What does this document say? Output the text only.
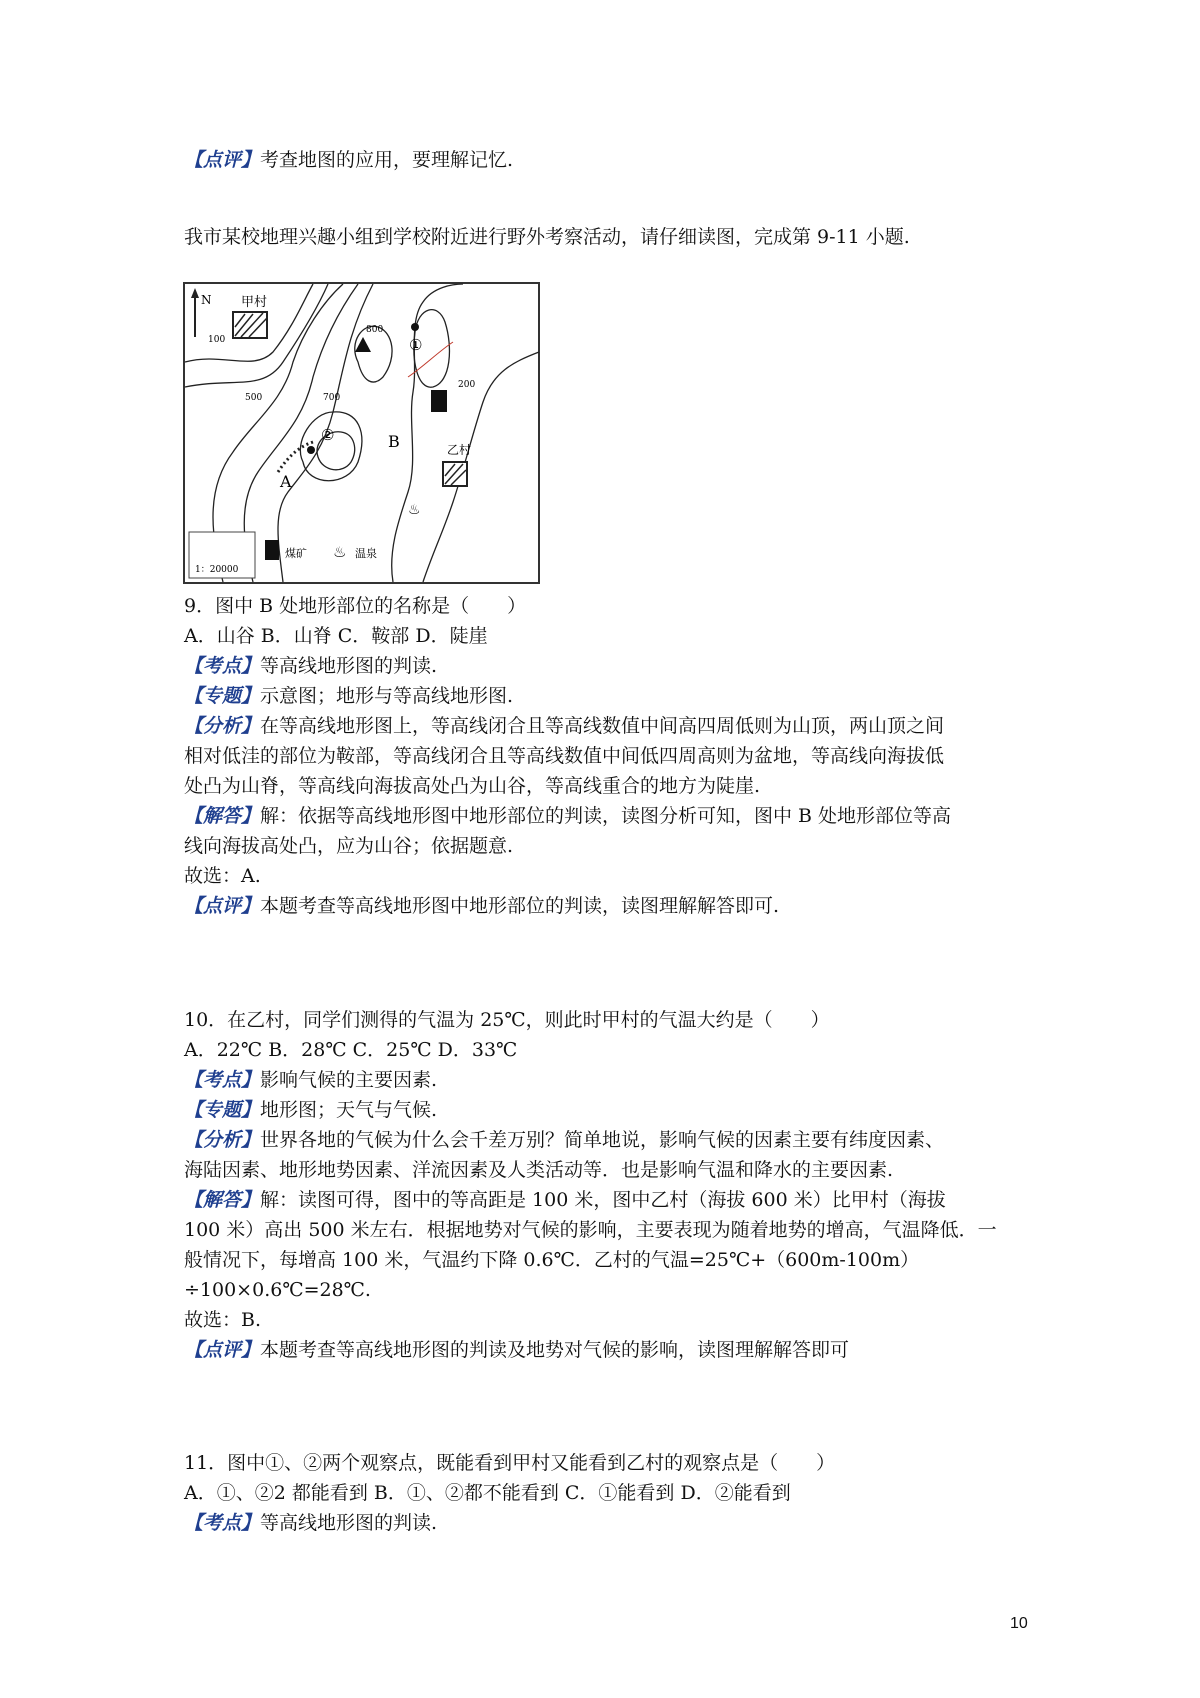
【点评】考查地图的应用，要理解记忆.
我市某校地理兴趣小组到学校附近进行野外考察活动，请仔细读图，完成第 9-11 小题.
N 甲村
乙村
①
②
A
B
100
500	700
200
800
♨
1：20000
煤矿 ♨ 温泉
9．图中 B 处地形部位的名称是（　　）
A．山谷 B．山脊 C．鞍部 D．陡崖
【考点】等高线地形图的判读.
【专题】示意图；地形与等高线地形图.
【分析】在等高线地形图上，等高线闭合且等高线数值中间高四周低则为山顶，两山顶之间
相对低洼的部位为鞍部，等高线闭合且等高线数值中间低四周高则为盆地，等高线向海拔低
处凸为山脊，等高线向海拔高处凸为山谷，等高线重合的地方为陡崖.
【解答】解：依据等高线地形图中地形部位的判读，读图分析可知，图中 B 处地形部位等高
线向海拔高处凸，应为山谷；依据题意.
故选：A.
【点评】本题考查等高线地形图中地形部位的判读，读图理解解答即可.
10．在乙村，同学们测得的气温为 25℃，则此时甲村的气温大约是（　　）
A．22℃ B．28℃ C．25℃ D．33℃
【考点】影响气候的主要因素.
【专题】地形图；天气与气候.
【分析】世界各地的气候为什么会千差万别？简单地说，影响气候的因素主要有纬度因素、
海陆因素、地形地势因素、洋流因素及人类活动等．也是影响气温和降水的主要因素.
【解答】解：读图可得，图中的等高距是 100 米，图中乙村（海拔 600 米）比甲村（海拔
100 米）高出 500 米左右．根据地势对气候的影响，主要表现为随着地势的增高，气温降低．一
般情况下，每增高 100 米，气温约下降 0.6℃．乙村的气温=25℃+（600m-100m）
÷100×0.6℃=28℃.
故选：B.
【点评】本题考查等高线地形图的判读及地势对气候的影响，读图理解解答即可
11．图中①、②两个观察点，既能看到甲村又能看到乙村的观察点是（　　）
A．①、②2 都能看到 B．①、②都不能看到 C．①能看到 D．②能看到
【考点】等高线地形图的判读.
10
